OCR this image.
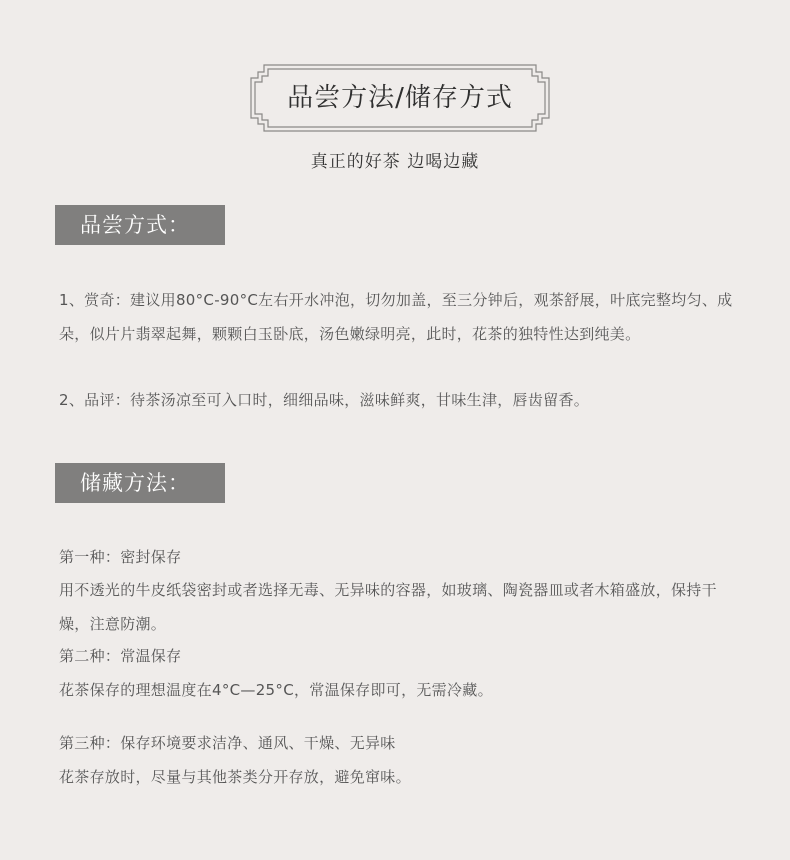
品尝方法/储存方式
真正的好茶 边喝边藏
品尝方式：
1、赏奇：建议用80°C-90°C左右开水冲泡，切勿加盖，至三分钟后，观茶舒展，叶底完整均匀、成朵，似片片翡翠起舞，颗颗白玉卧底，汤色嫩绿明亮，此时，花茶的独特性达到纯美。
2、品评：待茶汤凉至可入口时，细细品味，滋味鲜爽，甘味生津，唇齿留香。
储藏方法：
第一种：密封保存
用不透光的牛皮纸袋密封或者选择无毒、无异味的容器，如玻璃、陶瓷器皿或者木箱盛放，保持干燥，注意防潮。
第二种：常温保存
花茶保存的理想温度在4°C—25°C，常温保存即可，无需冷藏。
第三种：保存环境要求洁净、通风、干燥、无异味
花茶存放时，尽量与其他茶类分开存放，避免窜味。
